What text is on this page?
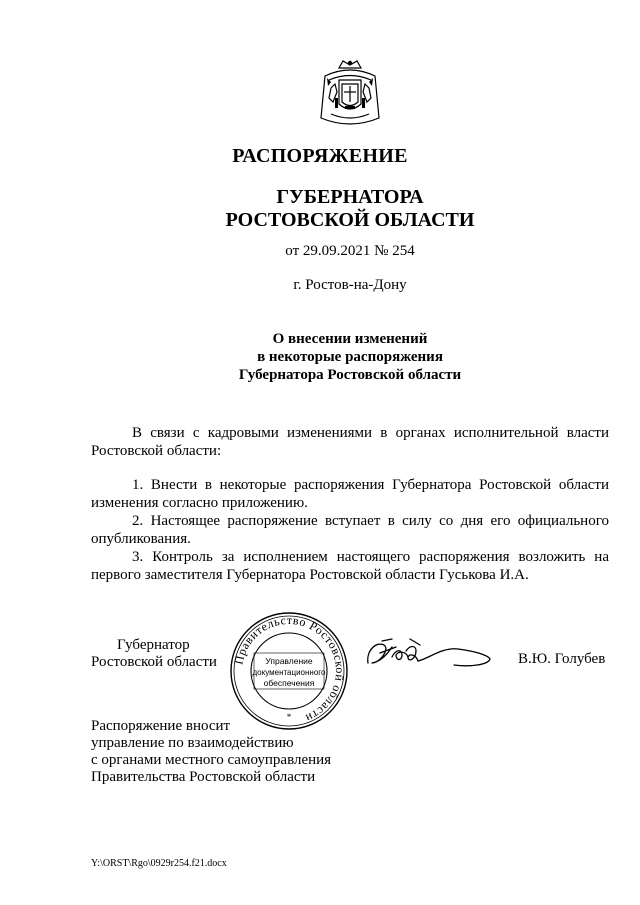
РАСПОРЯЖЕНИЕ
ГУБЕРНАТОРА
РОСТОВСКОЙ ОБЛАСТИ
от 29.09.2021 № 254
г. Ростов-на-Дону
О внесении изменений
в некоторые распоряжения
Губернатора Ростовской области

В связи с кадровыми изменениями в органах исполнительной власти Ростовской области:

1. Внести в некоторые распоряжения Губернатора Ростовской области изменения согласно приложению.

2. Настоящее распоряжение вступает в силу со дня его официального опубликования.

3. Контроль за исполнением настоящего распоряжения возложить на первого заместителя Губернатора Ростовской области Гуськова И.А.

Губернатор
Ростовской области Правительство Ростовской области
*
Управление
документационного
обеспечения
В.Ю. Голубев
Распоряжение вносит
управление по взаимодействию
с органами местного самоуправления
Правительства Ростовской области
Y:\ORST\Rgo\0929r254.f21.docx
